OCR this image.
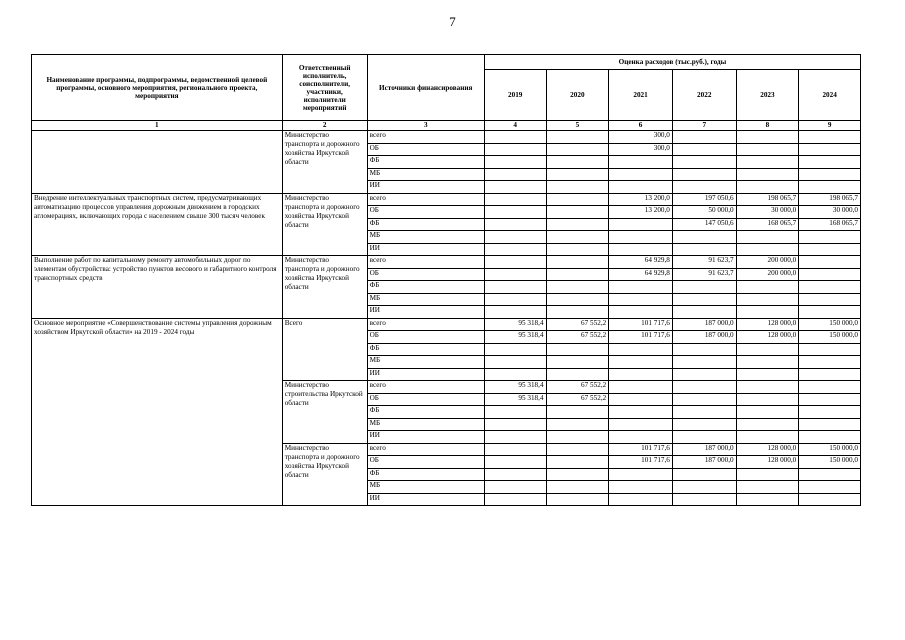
7
Наименование программы, подпрограммы, ведомственной целевой программы, основного мероприятия, регионального проекта, мероприятия	Ответственный исполнитель, соисполнители, участники, исполнители мероприятий	Источники финансирования	Оценка расходов (тыс.руб.), годы					
			2019	2020	2021	2022	2023	2024
1	2	3	4	5	6	7	8	9
	Министерство транспорта и дорожного хозяйства Иркутской области	всего			300,0			
		ОБ			300,0			
		ФБ						
		МБ						
		ИИ						
Внедрение интеллектуальных транспортных систем, предусматривающих автоматизацию процессов управления дорожным движением в городских агломерациях, включающих города с населением свыше 300 тысяч человек	Министерство транспорта и дорожного хозяйства Иркутской области	всего			13 200,0	197 050,6	198 065,7	198 065,7
		ОБ			13 200,0	50 000,0	30 000,0	30 000,0
		ФБ				147 050,6	168 065,7	168 065,7
		МБ						
		ИИ						
Выполнение работ по капитальному ремонту автомобильных дорог по элементам обустройства: устройство пунктов весового и габаритного контроля транспортных средств	Министерство транспорта и дорожного хозяйства Иркутской области	всего			64 929,8	91 623,7	200 000,0	
		ОБ			64 929,8	91 623,7	200 000,0	
		ФБ						
		МБ						
		ИИ						
Основное мероприятие «Совершенствование системы управления дорожным хозяйством Иркутской области» на 2019 - 2024 годы	Всего	всего	95 318,4	67 552,2	101 717,6	187 000,0	128 000,0	150 000,0
		ОБ	95 318,4	67 552,2	101 717,6	187 000,0	128 000,0	150 000,0
		ФБ						
		МБ						
		ИИ						
	Министерство строительства Иркутской области	всего	95 318,4	67 552,2				
		ОБ	95 318,4	67 552,2				
		ФБ						
		МБ						
		ИИ						
	Министерство транспорта и дорожного хозяйства Иркутской области	всего			101 717,6	187 000,0	128 000,0	150 000,0
		ОБ			101 717,6	187 000,0	128 000,0	150 000,0
		ФБ						
		МБ						
		ИИ						
